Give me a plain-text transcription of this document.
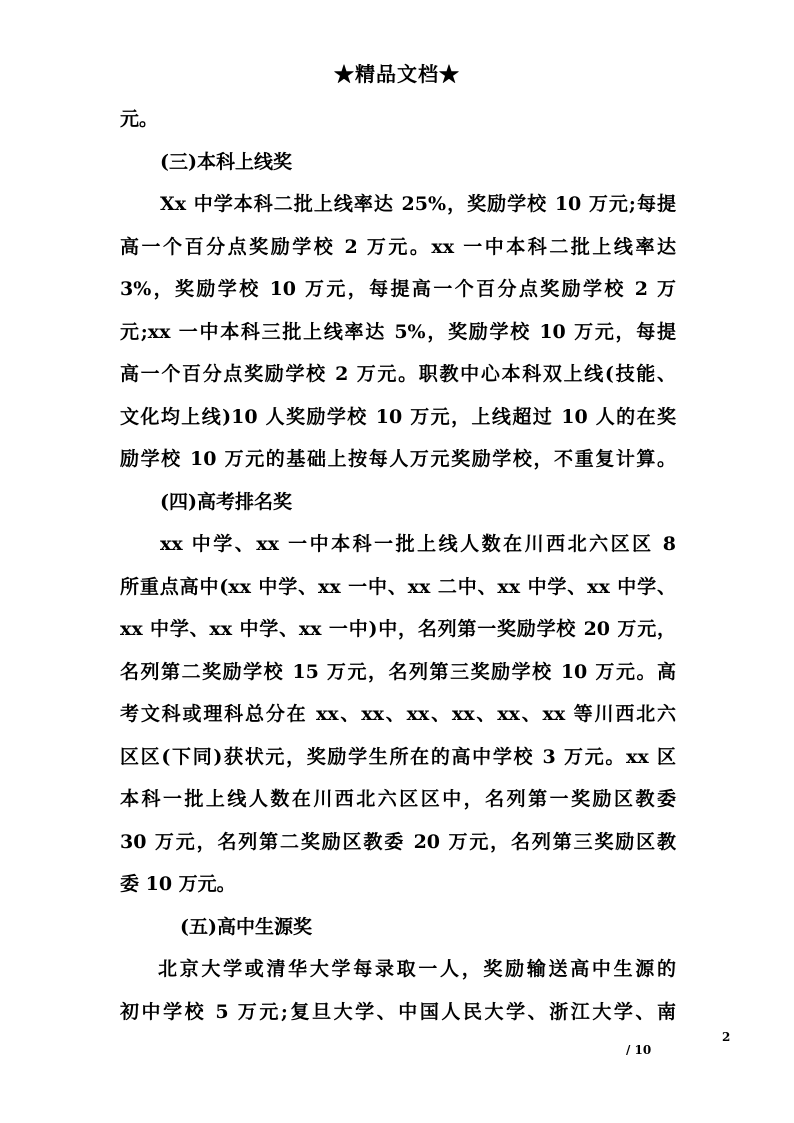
★精品文档★
元。
(三)本科上线奖
Xx 中学本科二批上线率达 25%，奖励学校 10 万元;每提
高一个百分点奖励学校 2 万元。xx 一中本科二批上线率达
3%，奖励学校 10 万元，每提高一个百分点奖励学校 2 万
元;xx 一中本科三批上线率达 5%，奖励学校 10 万元，每提
高一个百分点奖励学校 2 万元。职教中心本科双上线(技能、
文化均上线)10 人奖励学校 10 万元，上线超过 10 人的在奖
励学校 10 万元的基础上按每人万元奖励学校，不重复计算。
(四)高考排名奖
xx 中学、xx 一中本科一批上线人数在川西北六区区 8
所重点高中(xx 中学、xx 一中、xx 二中、xx 中学、xx 中学、
xx 中学、xx 中学、xx 一中)中，名列第一奖励学校 20 万元，
名列第二奖励学校 15 万元，名列第三奖励学校 10 万元。高
考文科或理科总分在 xx、xx、xx、xx、xx、xx 等川西北六
区区(下同)获状元，奖励学生所在的高中学校 3 万元。xx 区
本科一批上线人数在川西北六区区中，名列第一奖励区教委
30 万元，名列第二奖励区教委 20 万元，名列第三奖励区教
委 10 万元。
(五)高中生源奖
北京大学或清华大学每录取一人，奖励输送高中生源的
初中学校 5 万元;复旦大学、中国人民大学、浙江大学、南
2
/ 10
